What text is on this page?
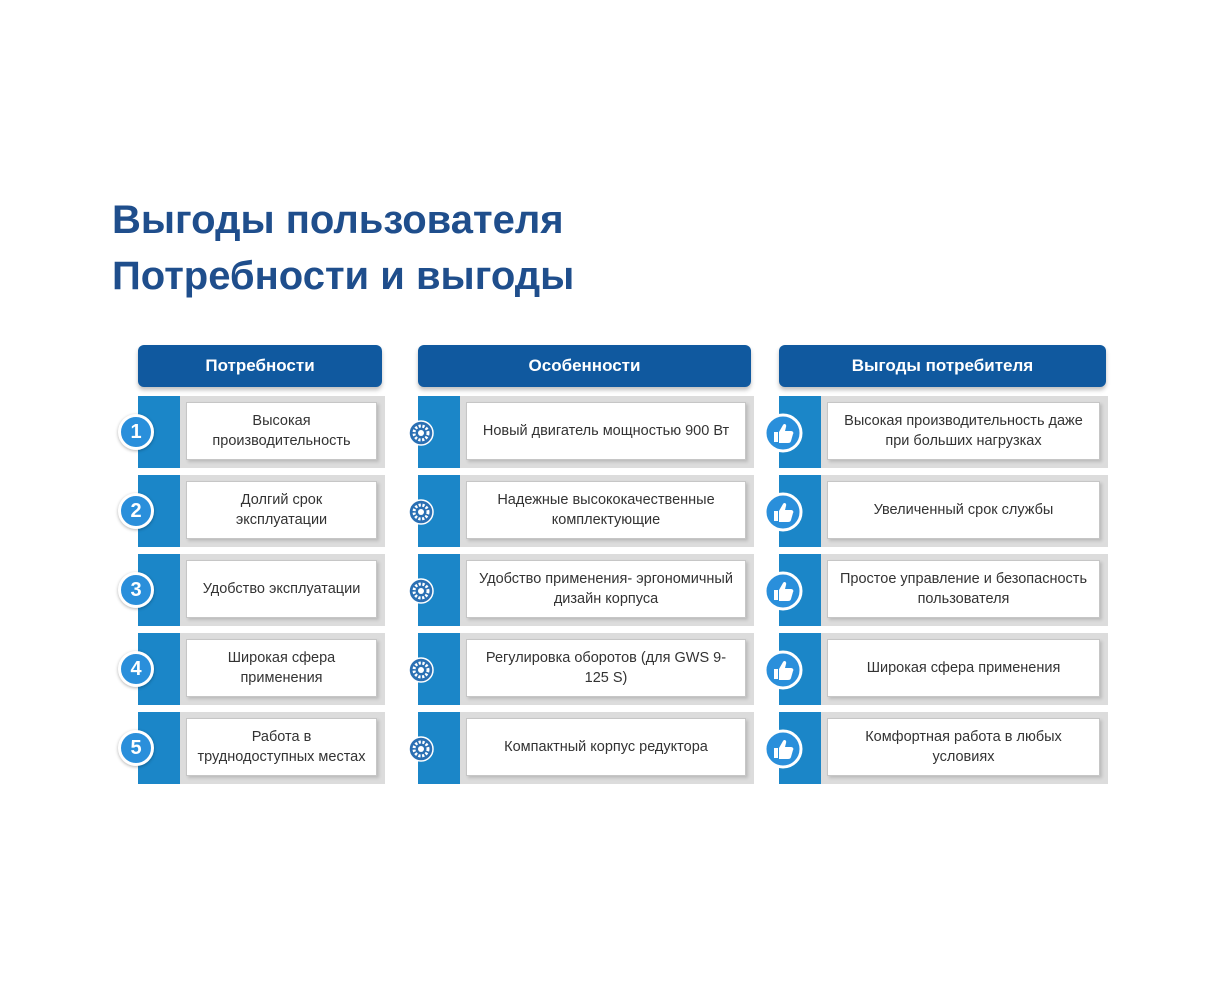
Выгоды пользователя
Потребности и выгоды
Потребности
Высокая производительность
1
Долгий срок эксплуатации
2
Удобство эксплуатации
3
Широкая сфера применения
4
Работа в труднодоступных местах
5
Особенности
Новый двигатель мощностью 900 Вт
Надежные высококачественные комплектующие
Удобство применения- эргономичный дизайн корпуса
Регулировка оборотов (для GWS 9-125 S)
Компактный корпус редуктора
Выгоды потребителя
Высокая производительность даже при больших нагрузках
Увеличенный срок службы
Простое управление и безопасность пользователя
Широкая сфера применения
Комфортная работа в любых условиях
